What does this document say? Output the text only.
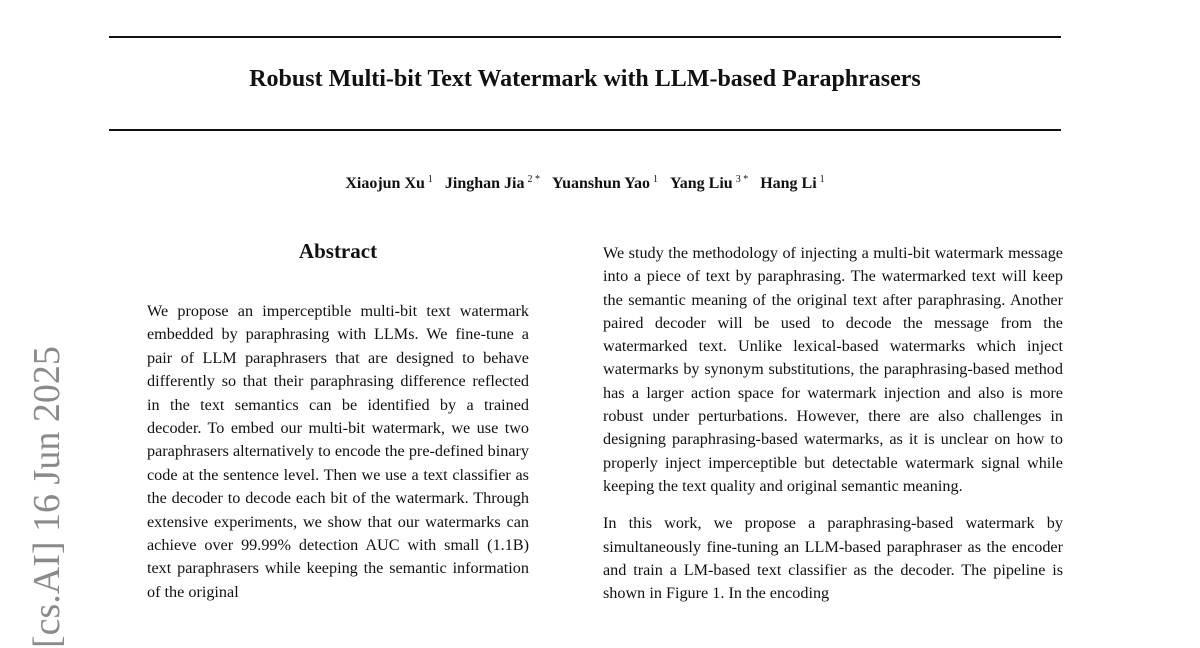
Robust Multi-bit Text Watermark with LLM-based Paraphrasers
Xiaojun Xu $^1$ Jinghan Jia $^{2 *}$ Yuanshun Yao $^1$ Yang Liu $^{3 *}$ Hang Li $^1$
Abstract
We propose an imperceptible multi-bit text watermark embedded by paraphrasing with LLMs. We fine-tune a pair of LLM paraphrasers that are designed to behave differently so that their paraphrasing difference reflected in the text semantics can be identified by a trained decoder. To embed our multi-bit watermark, we use two paraphrasers alternatively to encode the pre-defined binary code at the sentence level. Then we use a text classifier as the decoder to decode each bit of the watermark. Through extensive experiments, we show that our watermarks can achieve over 99.99% detection AUC with small (1.1B) text paraphrasers while keeping the semantic information of the original

We study the methodology of injecting a multi-bit watermark message into a piece of text by paraphrasing. The watermarked text will keep the semantic meaning of the original text after paraphrasing. Another paired decoder will be used to decode the message from the watermarked text. Unlike lexical-based watermarks which inject watermarks by synonym substitutions, the paraphrasing-based method has a larger action space for watermark injection and also is more robust under perturbations. However, there are also challenges in designing paraphrasing-based watermarks, as it is unclear on how to properly inject imperceptible but detectable watermark signal while keeping the text quality and original semantic meaning.

In this work, we propose a paraphrasing-based watermark by simultaneously fine-tuning an LLM-based paraphraser as the encoder and train a LM-based text classifier as the decoder. The pipeline is shown in Figure 1. In the encoding

[cs.AI] 16 Jun 2025
